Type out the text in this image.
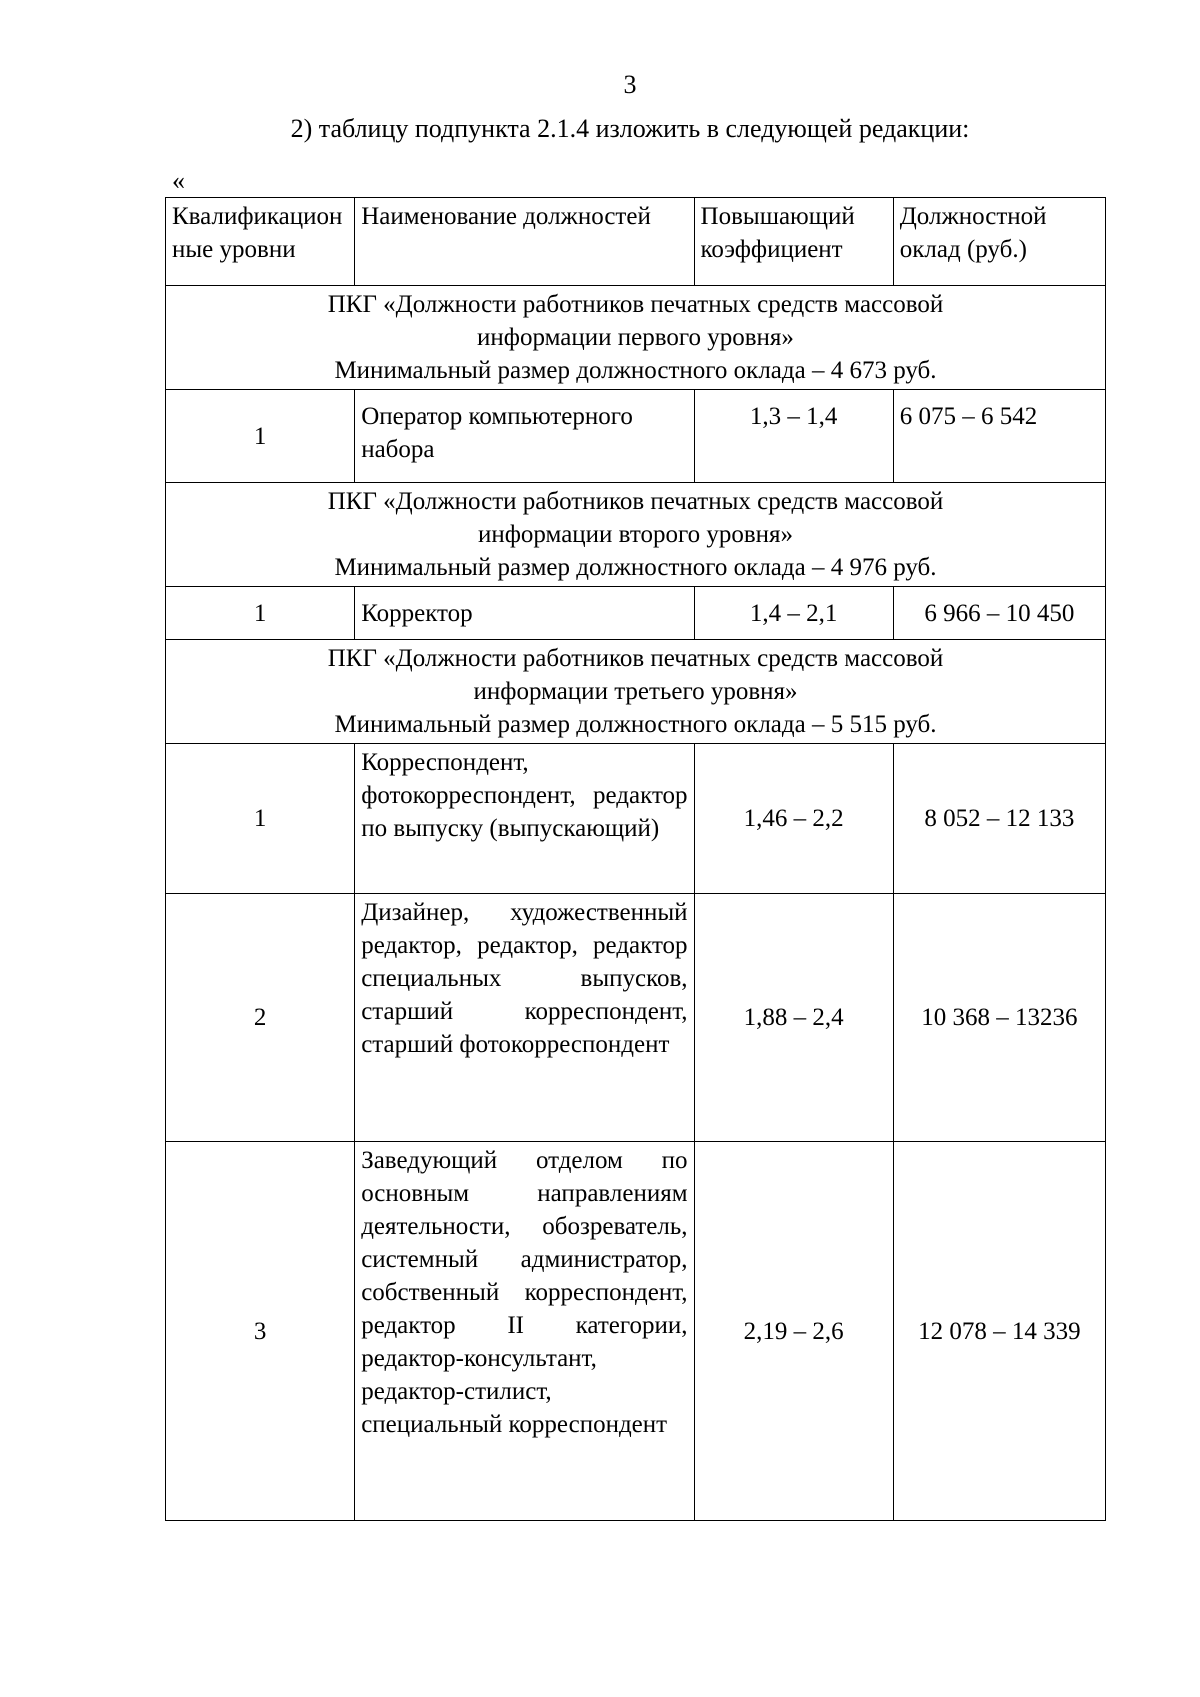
3
2) таблицу подпункта 2.1.4 изложить в следующей редакции:
«
Квалификационные уровни	Наименование должностей	Повышающий коэффициент	Должностной оклад (руб.)

ПКГ «Должности работников печатных средств массовой
информации первого уровня»
Минимальный размер должностного оклада – 4 673 руб.			

1	Оператор компьютерного набора	1,3 – 1,4	6 075 – 6 542

ПКГ «Должности работников печатных средств массовой
информации второго уровня»
Минимальный размер должностного оклада – 4 976 руб.			

1	Корректор	1,4 – 2,1	6 966 – 10 450

ПКГ «Должности работников печатных средств массовой
информации третьего уровня»
Минимальный размер должностного оклада – 5 515 руб.			

1	Корреспондент, фотокорреспондент, редактор по выпуску (выпускающий)	1,46 – 2,2	8 052 – 12 133
2	Дизайнер, художественный редактор, редактор, редактор специальных выпусков, старший корреспондент, старший фотокорреспондент	1,88 – 2,4	10 368 – 13236
3	Заведующий отделом по основным направлениям деятельности, обозреватель, системный администратор, собственный корреспондент, редактор II категории, редактор-консультант, редактор-стилист, специальный корреспондент	2,19 – 2,6	12 078 – 14 339
